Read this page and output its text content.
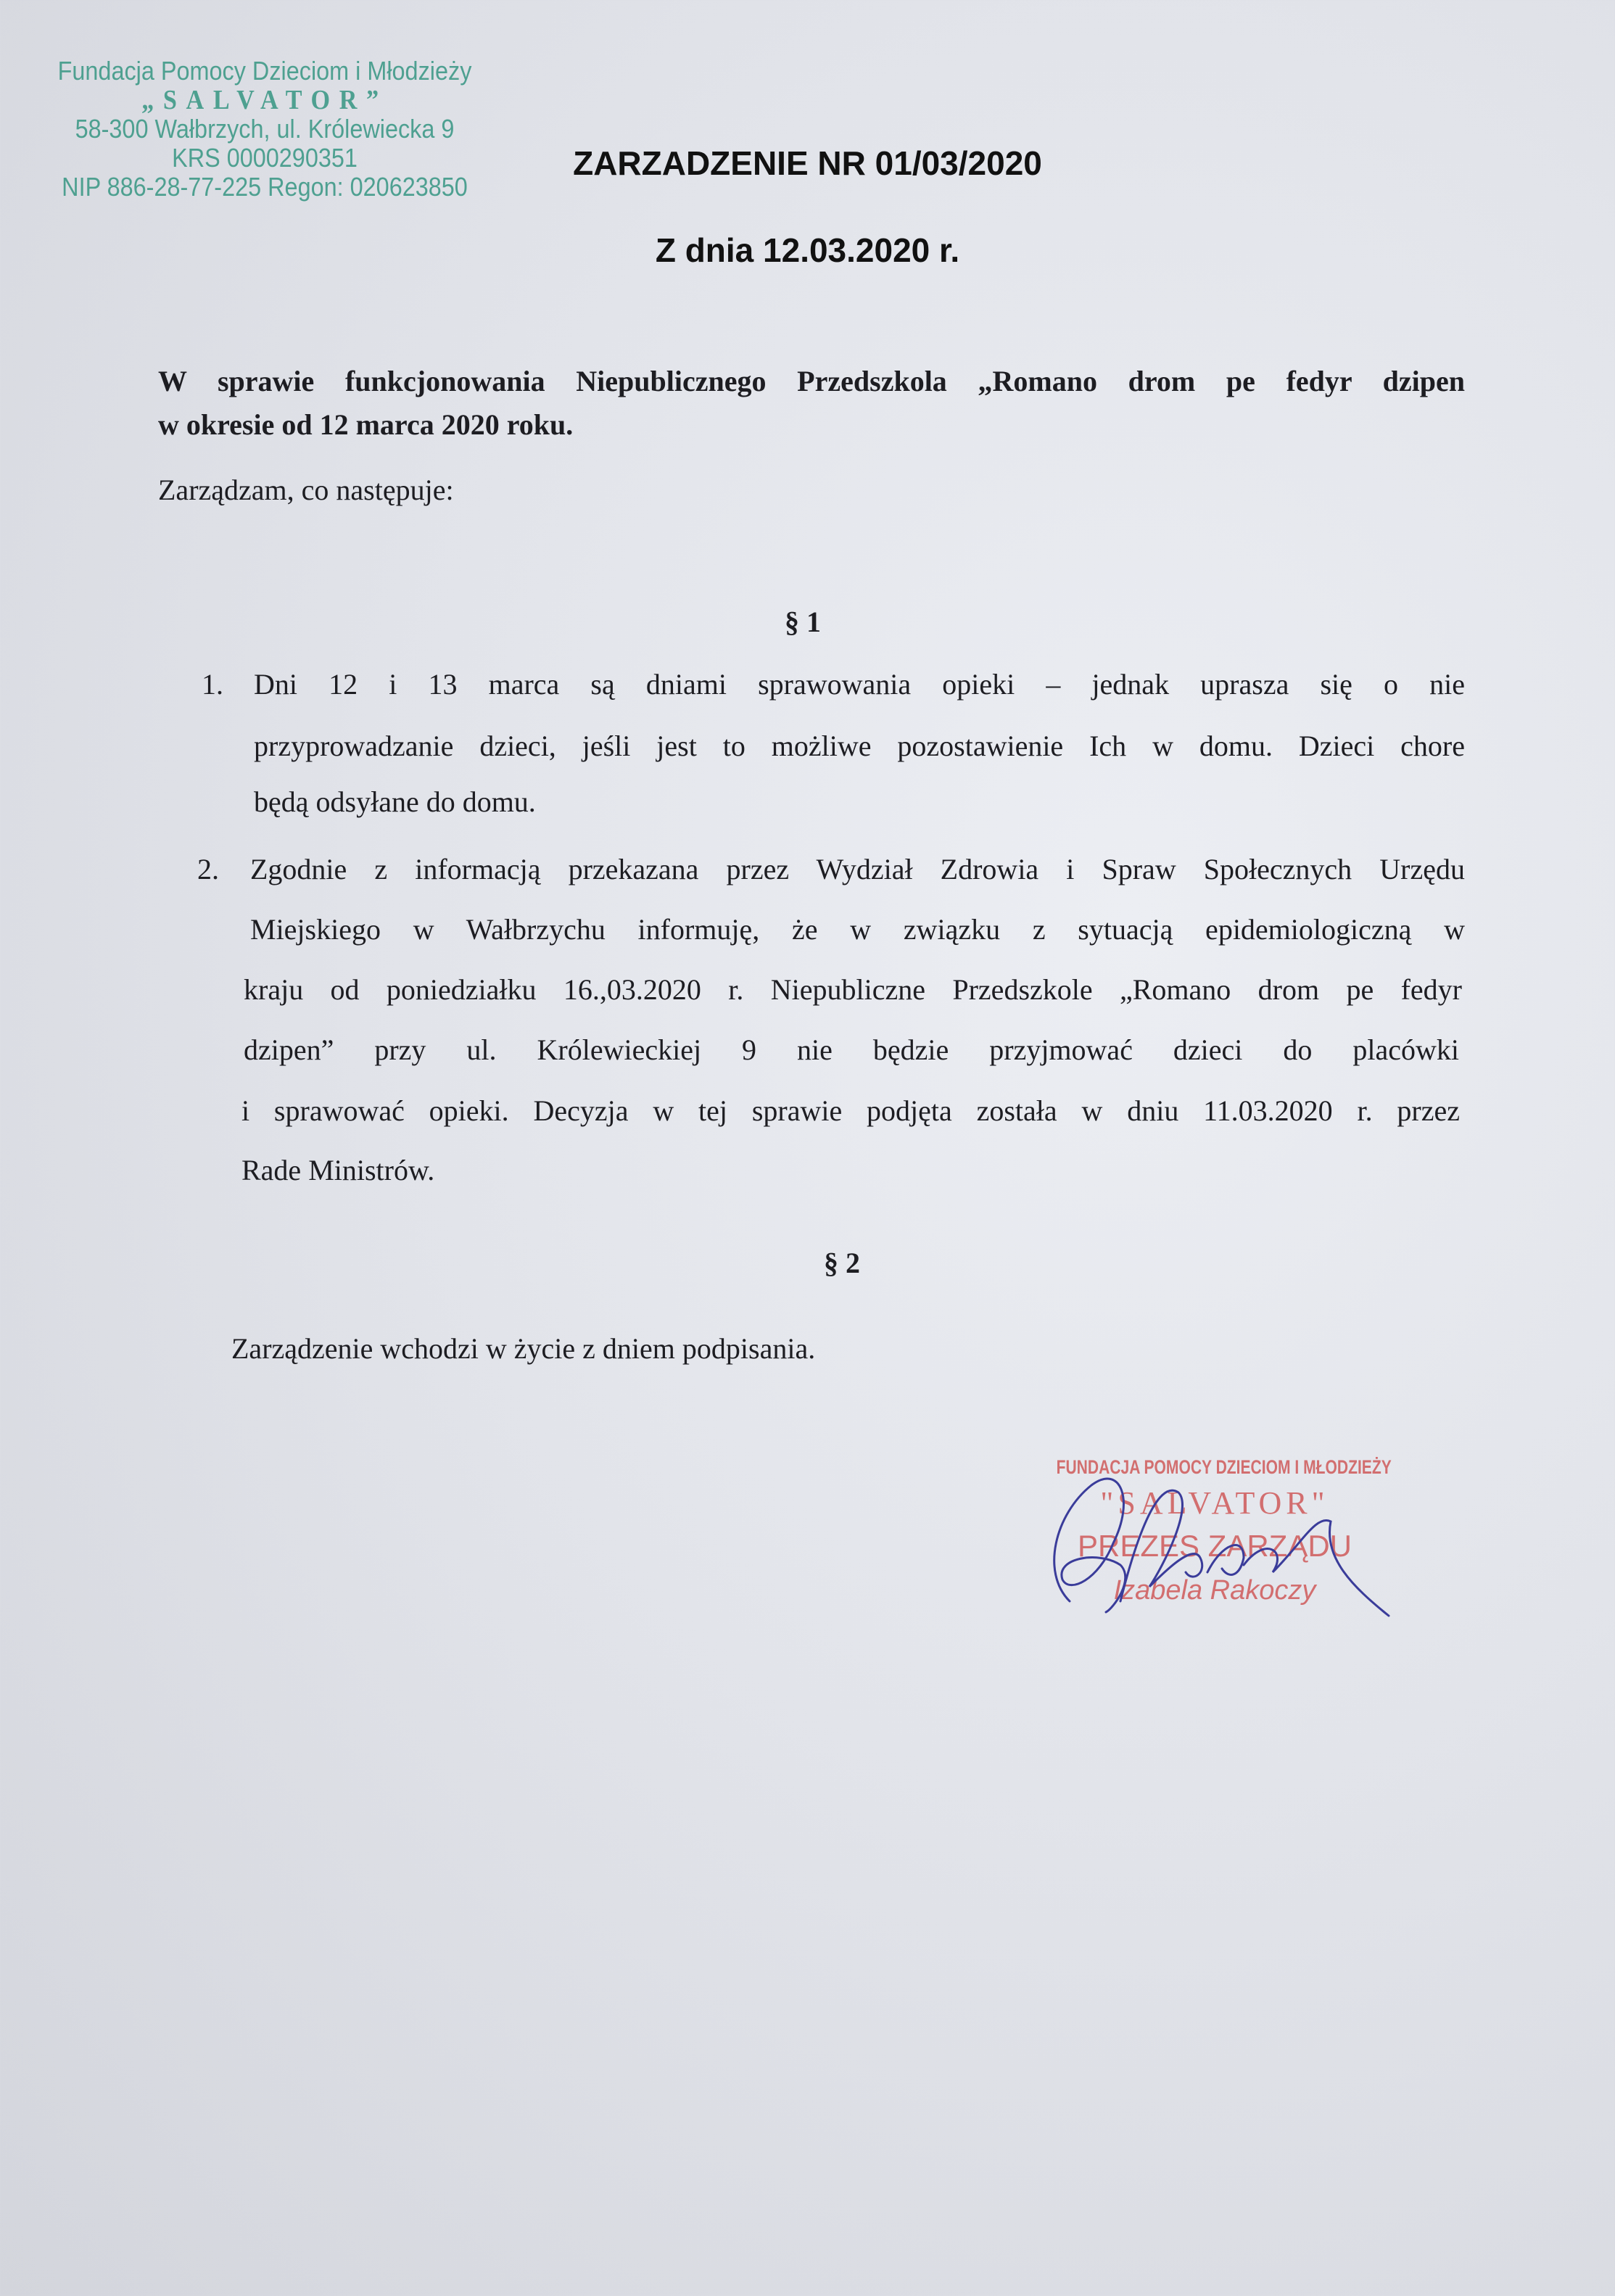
Fundacja Pomocy Dzieciom i Młodzieży
„SALVATOR”
58-300 Wałbrzych, ul. Królewiecka 9
KRS 0000290351
NIP 886-28-77-225 Regon: 020623850
ZARZADZENIE NR 01/03/2020
Z dnia 12.03.2020 r.
W sprawie funkcjonowania Niepublicznego Przedszkola „Romano drom pe fedyr dzipen
w okresie od 12 marca 2020 roku.
Zarządzam, co następuje:
§ 1
1. Dni 12 i 13 marca są dniami sprawowania opieki – jednak uprasza się o nie
przyprowadzanie dzieci, jeśli jest to możliwe pozostawienie Ich w domu. Dzieci chore
będą odsyłane do domu.
2. Zgodnie z informacją przekazana przez Wydział Zdrowia i Spraw Społecznych Urzędu
Miejskiego w Wałbrzychu informuję, że w związku z sytuacją epidemiologiczną w
kraju od poniedziałku 16.,03.2020 r. Niepubliczne Przedszkole „Romano drom pe fedyr
dzipen” przy ul. Królewieckiej 9 nie będzie przyjmować dzieci do placówki
i sprawować opieki. Decyzja w tej sprawie podjęta została w dniu 11.03.2020 r. przez
Rade Ministrów.
§ 2
Zarządzenie wchodzi w życie z dniem podpisania.
FUNDACJA POMOCY DZIECIOM I MŁODZIEŻY
"SALVATOR"
PREZES ZARZĄDU
Izabela Rakoczy
